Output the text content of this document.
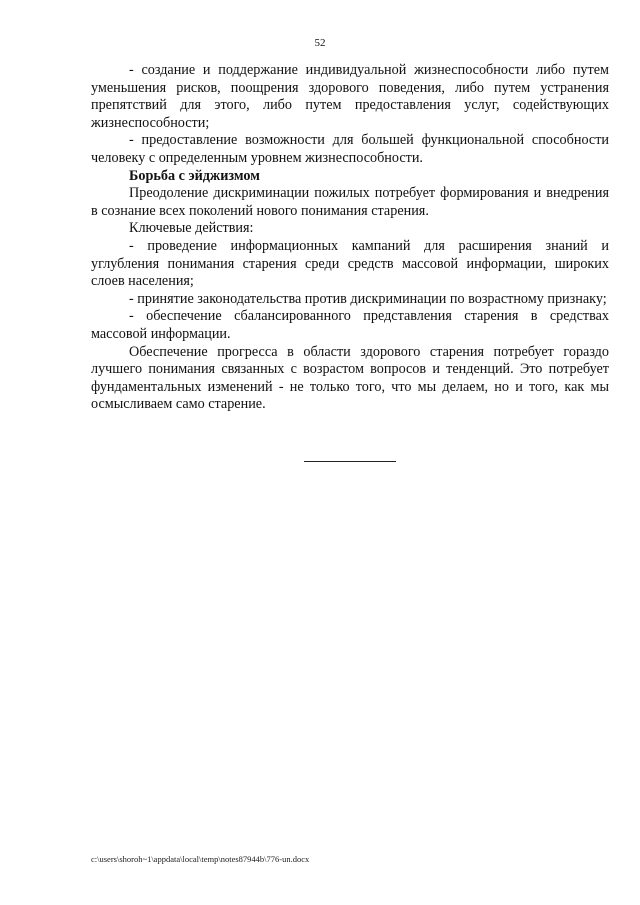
52

- создание и поддержание индивидуальной жизнеспособности либо путем уменьшения рисков, поощрения здорового поведения, либо путем устранения препятствий для этого, либо путем предоставления услуг, содействующих жизнеспособности;

- предоставление возможности для большей функциональной способности человеку с определенным уровнем жизнеспособности.

Борьба с эйджизмом

Преодоление дискриминации пожилых потребует формирования и внедрения в сознание всех поколений нового понимания старения.

Ключевые действия:

- проведение информационных кампаний для расширения знаний и углубления понимания старения среди средств массовой информации, широких слоев населения;

- принятие законодательства против дискриминации по возрастному признаку;

- обеспечение сбалансированного представления старения в средствах массовой информации.

Обеспечение прогресса в области здорового старения потребует гораздо лучшего понимания связанных с возрастом вопросов и тенденций. Это потребует фундаментальных изменений - не только того, что мы делаем, но и того, как мы осмысливаем само старение.

c:\users\shoroh~1\appdata\local\temp\notes87944b\776-un.docx
